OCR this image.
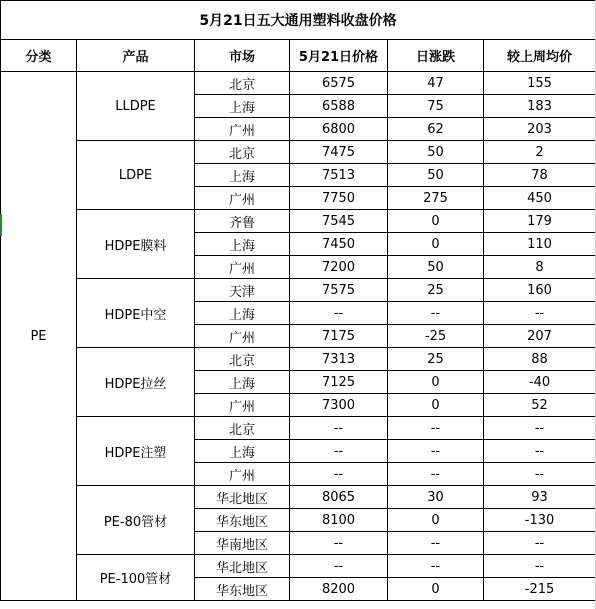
5月21日五大通用塑料收盘价格					
分类	产品	市场	5月21日价格	日涨跌	较上周均价
PE	LLDPE	北京	6575	47	155
		上海	6588	75	183
		广州	6800	62	203
	LDPE	北京	7475	50	2
		上海	7513	50	78
		广州	7750	275	450
	HDPE膜料	齐鲁	7545	0	179
		上海	7450	0	110
		广州	7200	50	8
	HDPE中空	天津	7575	25	160
		上海	--	--	--
		广州	7175	-25	207
	HDPE拉丝	北京	7313	25	88
		上海	7125	0	-40
		广州	7300	0	52
	HDPE注塑	北京	--	--	--
		上海	--	--	--
		广州	--	--	--
	PE-80管材	华北地区	8065	30	93
		华东地区	8100	0	-130
		华南地区	--	--	--
	PE-100管材	华北地区	--	--	--
		华东地区	8200	0	-215
